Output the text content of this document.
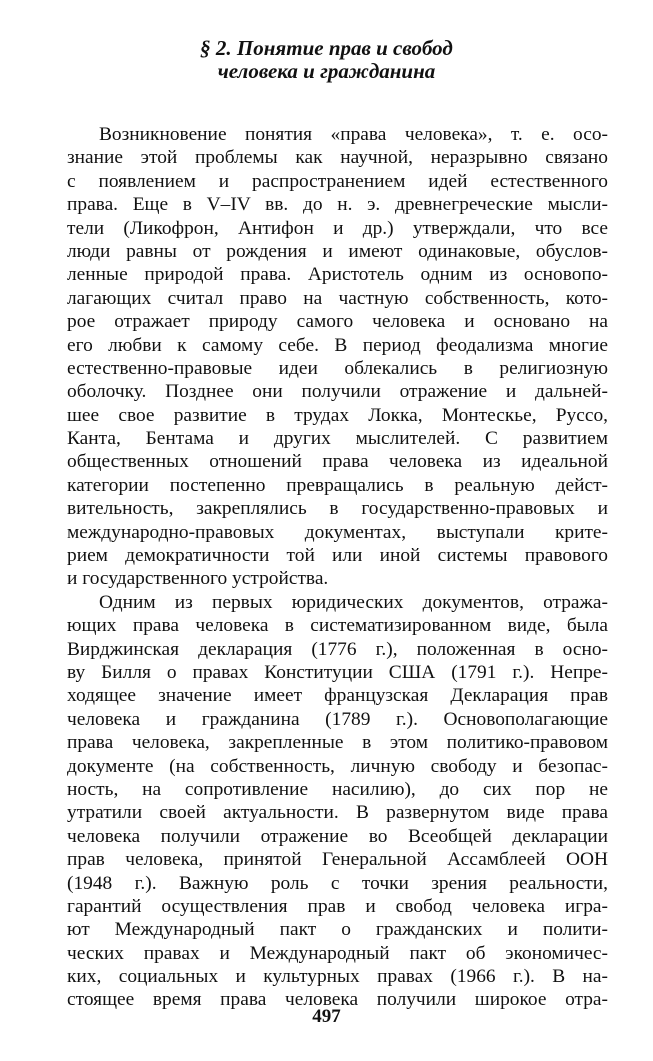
§ 2. Понятие прав и свобод
человека и гражданина
Возникновение понятия «права человека», т. е. осо-
знание этой проблемы как научной, неразрывно связано
с появлением и распространением идей естественного
права. Еще в V–IV вв. до н. э. древнегреческие мысли-
тели (Ликофрон, Антифон и др.) утверждали, что все
люди равны от рождения и имеют одинаковые, обуслов-
ленные природой права. Аристотель одним из основопо-
лагающих считал право на частную собственность, кото-
рое отражает природу самого человека и основано на
его любви к самому себе. В период феодализма многие
естественно-правовые идеи облекались в религиозную
оболочку. Позднее они получили отражение и дальней-
шее свое развитие в трудах Локка, Монтескье, Руссо,
Канта, Бентама и других мыслителей. С развитием
общественных отношений права человека из идеальной
категории постепенно превращались в реальную дейст-
вительность, закреплялись в государственно-правовых и
международно-правовых документах, выступали крите-
рием демократичности той или иной системы правового
и государственного устройства.
Одним из первых юридических документов, отража-
ющих права человека в систематизированном виде, была
Вирджинская декларация (1776 г.), положенная в осно-
ву Билля о правах Конституции США (1791 г.). Непре-
ходящее значение имеет французская Декларация прав
человека и гражданина (1789 г.). Основополагающие
права человека, закрепленные в этом политико-правовом
документе (на собственность, личную свободу и безопас-
ность, на сопротивление насилию), до сих пор не
утратили своей актуальности. В развернутом виде права
человека получили отражение во Всеобщей декларации
прав человека, принятой Генеральной Ассамблеей ООН
(1948 г.). Важную роль с точки зрения реальности,
гарантий осуществления прав и свобод человека игра-
ют Международный пакт о гражданских и полити-
ческих правах и Международный пакт об экономичес-
ких, социальных и культурных правах (1966 г.). В на-
стоящее время права человека получили широкое отра-
497
